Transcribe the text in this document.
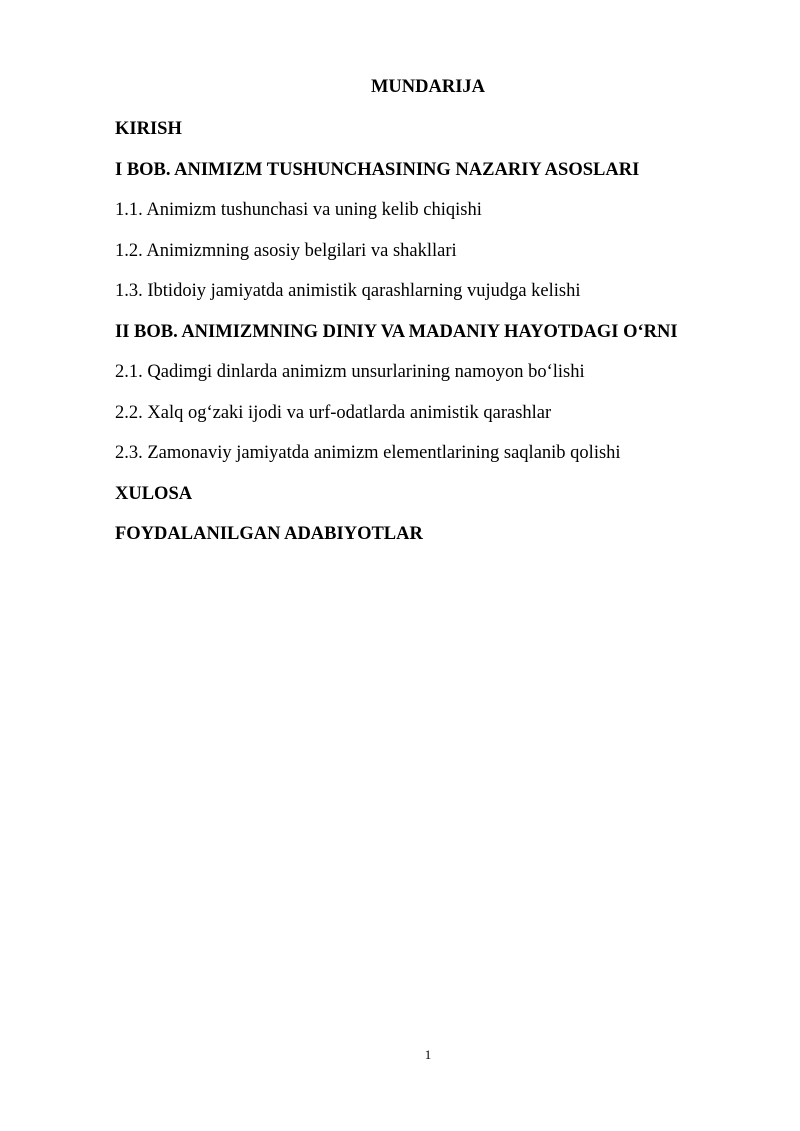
MUNDARIJA
KIRISH
I BOB. ANIMIZM TUSHUNCHASINING NAZARIY ASOSLARI
1.1. Animizm tushunchasi va uning kelib chiqishi
1.2. Animizmning asosiy belgilari va shakllari
1.3. Ibtidoiy jamiyatda animistik qarashlarning vujudga kelishi
II BOB. ANIMIZMNING DINIY VA MADANIY HAYOTDAGI O‘RNI
2.1. Qadimgi dinlarda animizm unsurlarining namoyon bo‘lishi
2.2. Xalq og‘zaki ijodi va urf-odatlarda animistik qarashlar
2.3. Zamonaviy jamiyatda animizm elementlarining saqlanib qolishi
XULOSA
FOYDALANILGAN ADABIYOTLAR
1
